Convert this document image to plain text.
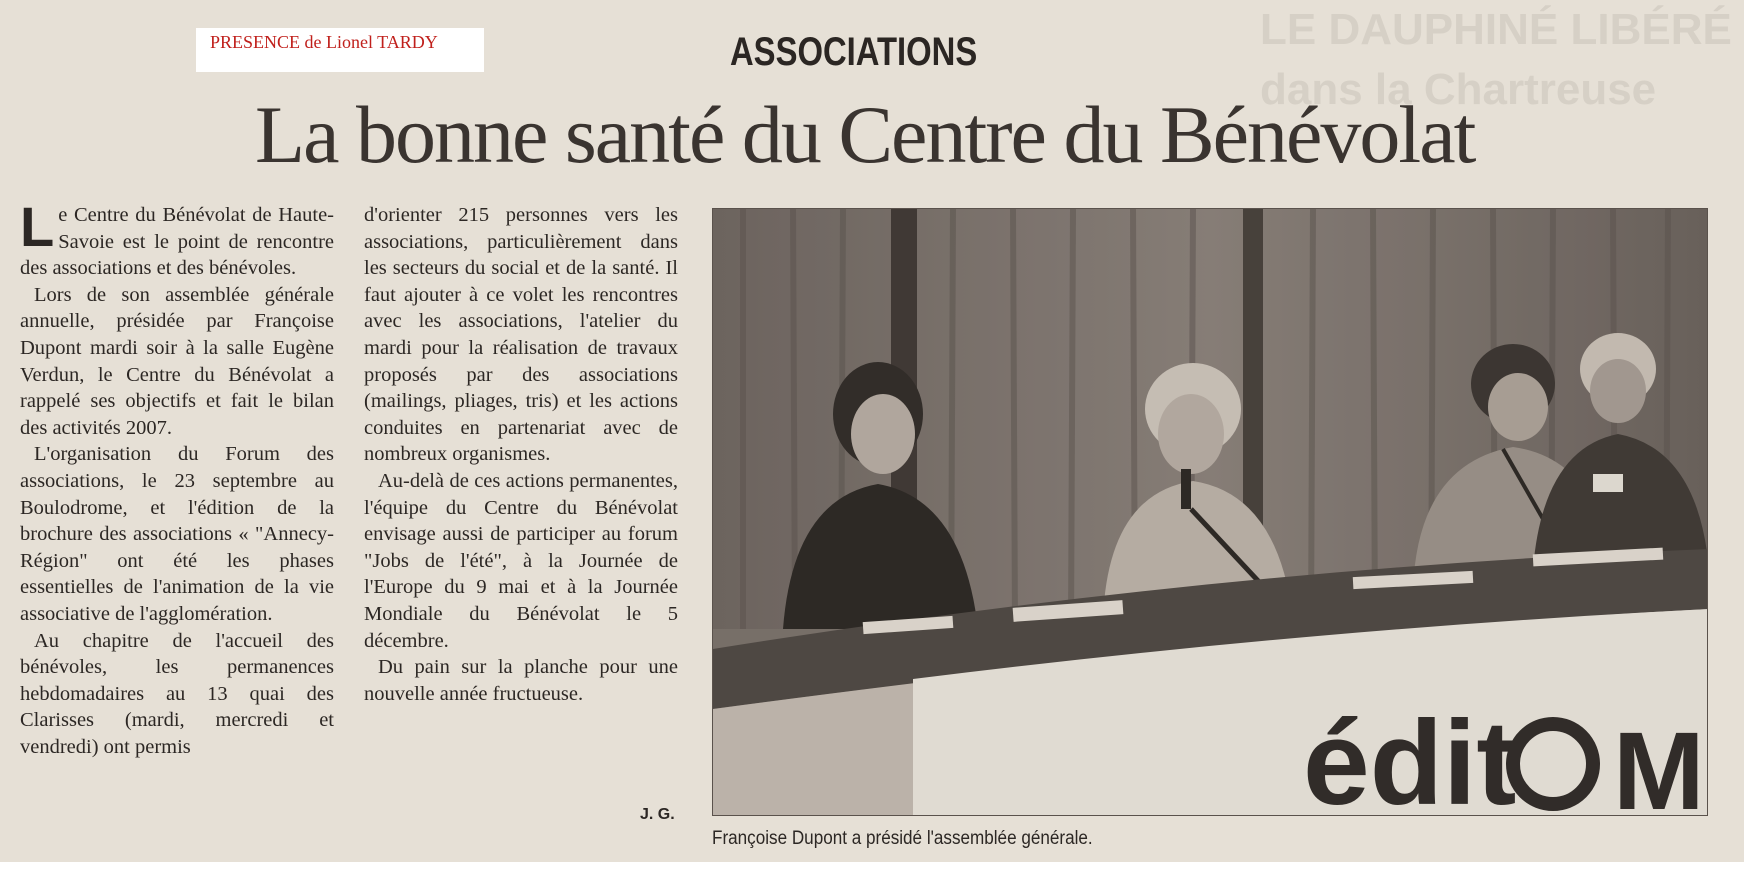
LE DAUPHINÉ LIBÉRÉ
dans la Chartreuse
PRESENCE de Lionel TARDY	ASSOCIATIONS
La bonne santé du Centre du Bénévolat

Le Centre du Bénévolat de Haute-Savoie est le point de rencontre des associations et des bénévoles.

Lors de son assemblée générale annuelle, présidée par Françoise Dupont mardi soir à la salle Eugène Verdun, le Centre du Bénévolat a rappelé ses objectifs et fait le bilan des activités 2007.

L'organisation du Forum des associations, le 23 septembre au Boulodrome, et l'édition de la brochure des associations « "Annecy-Région" ont été les phases essentielles de l'animation de la vie associative de l'agglomération.

Au chapitre de l'accueil des bénévoles, les permanences hebdomadaires au 13 quai des Clarisses (mardi, mercredi et vendredi) ont permis

d'orienter 215 personnes vers les associations, particulièrement dans les secteurs du social et de la santé. Il faut ajouter à ce volet les rencontres avec les associations, l'atelier du mardi pour la réalisation de travaux proposés par des associations (mailings, pliages, tris) et les actions conduites en partenariat avec de nombreux organismes.

Au-delà de ces actions permanentes, l'équipe du Centre du Bénévolat envisage aussi de participer au forum "Jobs de l'été", à la Journée de l'Europe du 9 mai et à la Journée Mondiale du Bénévolat le 5 décembre.

Du pain sur la planche pour une nouvelle année fructueuse.

J. G.	édit M
Françoise Dupont a présidé l'assemblée générale.
